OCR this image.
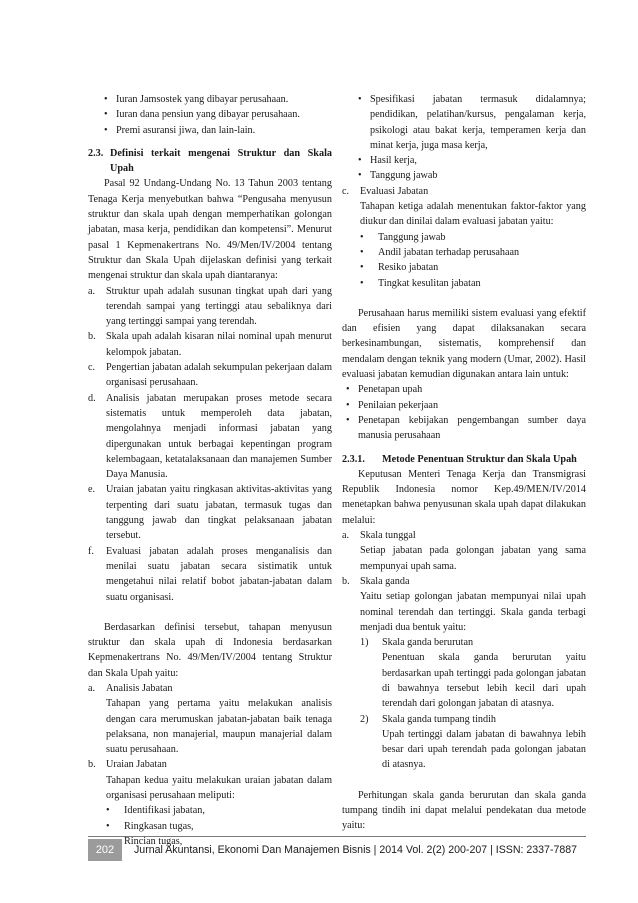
• Iuran Jamsostek yang dibayar perusahaan.
• Iuran dana pensiun yang dibayar perusahaan.
• Premi asuransi jiwa, dan lain-lain.
2.3. Definisi terkait mengenai Struktur dan Skala Upah

Pasal 92 Undang-Undang No. 13 Tahun 2003 tentang Tenaga Kerja menyebutkan bahwa “Pengusaha menyusun struktur dan skala upah dengan memperhatikan golongan jabatan, masa kerja, pendidikan dan kompetensi”. Menurut pasal 1 Kepmenakertrans No. 49/Men/IV/2004 tentang Struktur dan Skala Upah dijelaskan definisi yang terkait mengenai struktur dan skala upah diantaranya:

a.	Struktur upah adalah susunan tingkat upah dari yang terendah sampai yang tertinggi atau sebaliknya dari yang tertinggi sampai yang terendah.
b.	Skala upah adalah kisaran nilai nominal upah menurut kelompok jabatan.
c.	Pengertian jabatan adalah sekumpulan pekerjaan dalam organisasi perusahaan.
d.	Analisis jabatan merupakan proses metode secara sistematis untuk memperoleh data jabatan, mengolahnya menjadi informasi jabatan yang dipergunakan untuk berbagai kepentingan program kelembagaan, ketatalaksanaan dan manajemen Sumber Daya Manusia.
e.	Uraian jabatan yaitu ringkasan aktivitas-aktivitas yang terpenting dari suatu jabatan, termasuk tugas dan tanggung jawab dan tingkat pelaksanaan jabatan tersebut.
f.	Evaluasi jabatan adalah proses menganalisis dan menilai suatu jabatan secara sistimatik untuk mengetahui nilai relatif bobot jabatan-jabatan dalam suatu organisasi.

Berdasarkan definisi tersebut, tahapan menyusun struktur dan skala upah di Indonesia berdasarkan Kepmenakertrans No. 49/Men/IV/2004 tentang Struktur dan Skala Upah yaitu:

a.	Analisis Jabatan
Tahapan yang pertama yaitu melakukan analisis dengan cara merumuskan jabatan-jabatan baik tenaga pelaksana, non manajerial, maupun manajerial dalam suatu perusahaan.
b.	Uraian Jabatan
Tahapan kedua yaitu melakukan uraian jabatan dalam organisasi perusahaan meliputi:
•	Identifikasi jabatan,
•	Ringkasan tugas,
Rincian tugas,
• Spesifikasi jabatan termasuk didalamnya; pendidikan, pelatihan/kursus, pengalaman kerja, psikologi atau bakat kerja, temperamen kerja dan minat kerja, juga masa kerja,
• Hasil kerja,
• Tanggung jawab
c.	Evaluasi Jabatan
Tahapan ketiga adalah menentukan faktor-faktor yang diukur dan dinilai dalam evaluasi jabatan yaitu:
•	Tanggung jawab
•	Andil jabatan terhadap perusahaan
•	Resiko jabatan
•	Tingkat kesulitan jabatan

Perusahaan harus memiliki sistem evaluasi yang efektif dan efisien yang dapat dilaksanakan secara berkesinambungan, sistematis, komprehensif dan mendalam dengan teknik yang modern (Umar, 2002). Hasil evaluasi jabatan kemudian digunakan antara lain untuk:

• Penetapan upah
• Penilaian pekerjaan
• Penetapan kebijakan pengembangan sumber daya manusia perusahaan
2.3.1.	Metode Penentuan Struktur dan Skala Upah

Keputusan Menteri Tenaga Kerja dan Transmigrasi Republik Indonesia nomor Kep.49/MEN/IV/2014 menetapkan bahwa penyusunan skala upah dapat dilakukan melalui:

a.	Skala tunggal
Setiap jabatan pada golongan jabatan yang sama mempunyai upah sama.
b.	Skala ganda
Yaitu setiap golongan jabatan mempunyai nilai upah nominal terendah dan tertinggi. Skala ganda terbagi menjadi dua bentuk yaitu:
1)	Skala ganda berurutan
Penentuan skala ganda berurutan yaitu berdasarkan upah tertinggi pada golongan jabatan di bawahnya tersebut lebih kecil dari upah terendah dari golongan jabatan di atasnya.
2)	Skala ganda tumpang tindih
Upah tertinggi dalam jabatan di bawahnya lebih besar dari upah terendah pada golongan jabatan di atasnya.

Perhitungan skala ganda berurutan dan skala ganda tumpang tindih ini dapat melalui pendekatan dua metode yaitu:

202	Jurnal Akuntansi, Ekonomi Dan Manajemen Bisnis | 2014 Vol. 2(2) 200-207 | ISSN: 2337-7887
